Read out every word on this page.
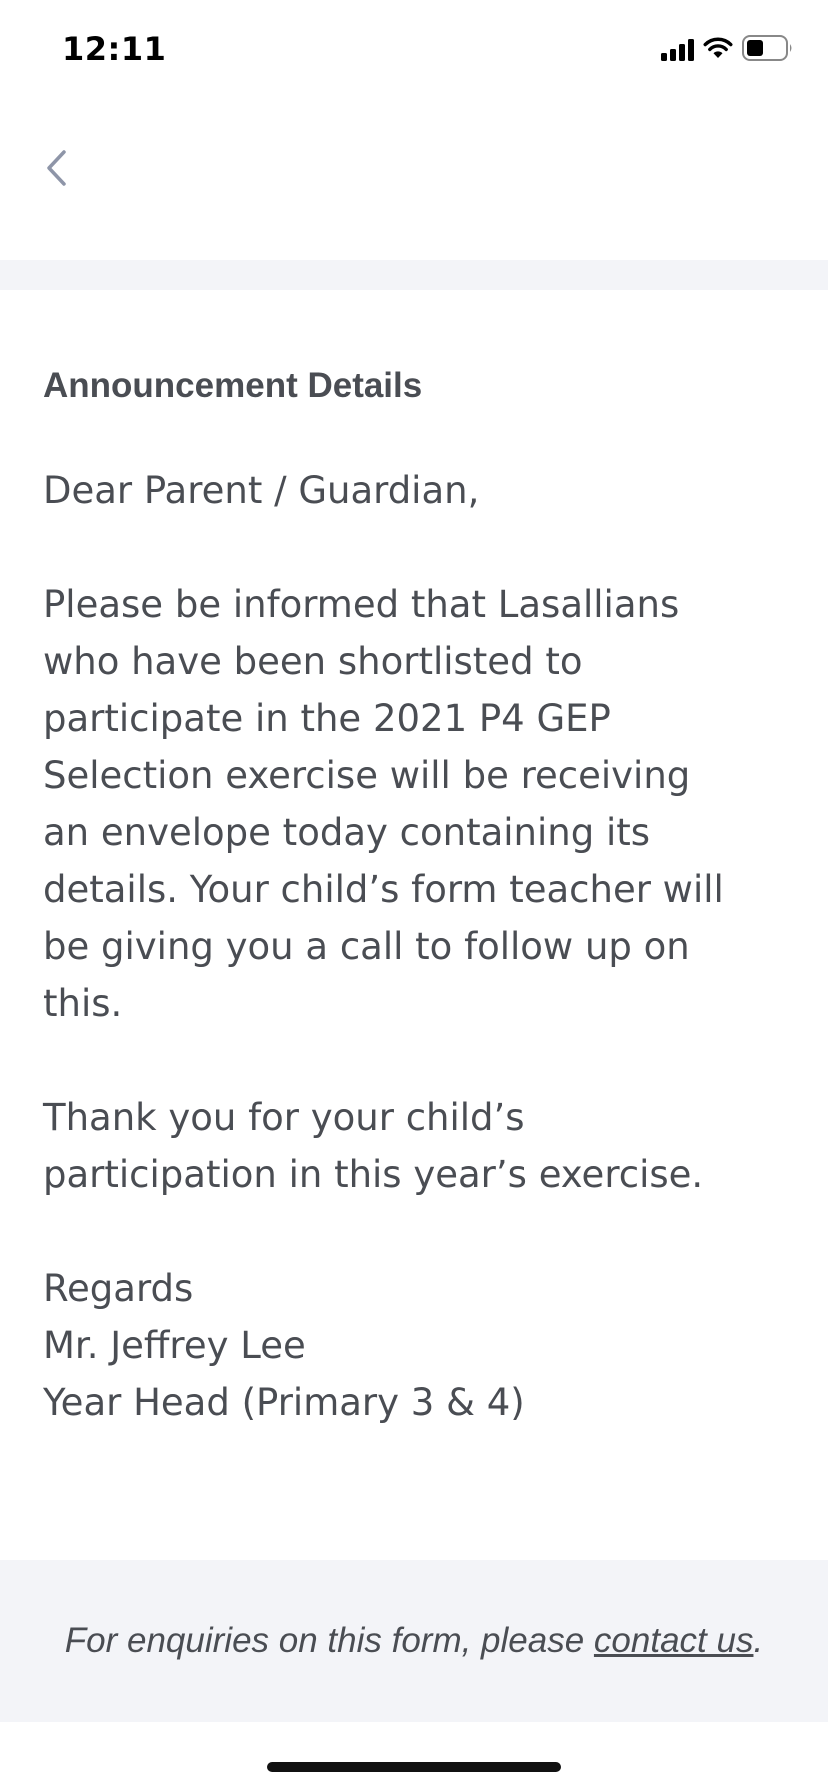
12:11
Announcement Details
Dear Parent / Guardian,

Please be informed that Lasallians who have been shortlisted to participate in the 2021 P4 GEP Selection exercise will be receiving an envelope today containing its details. Your child’s form teacher will be giving you a call to follow up on this.

Thank you for your child’s participation in this year’s exercise.

Regards
Mr. Jeffrey Lee
Year Head (Primary 3 & 4)
For enquiries on this form, please contact us.
